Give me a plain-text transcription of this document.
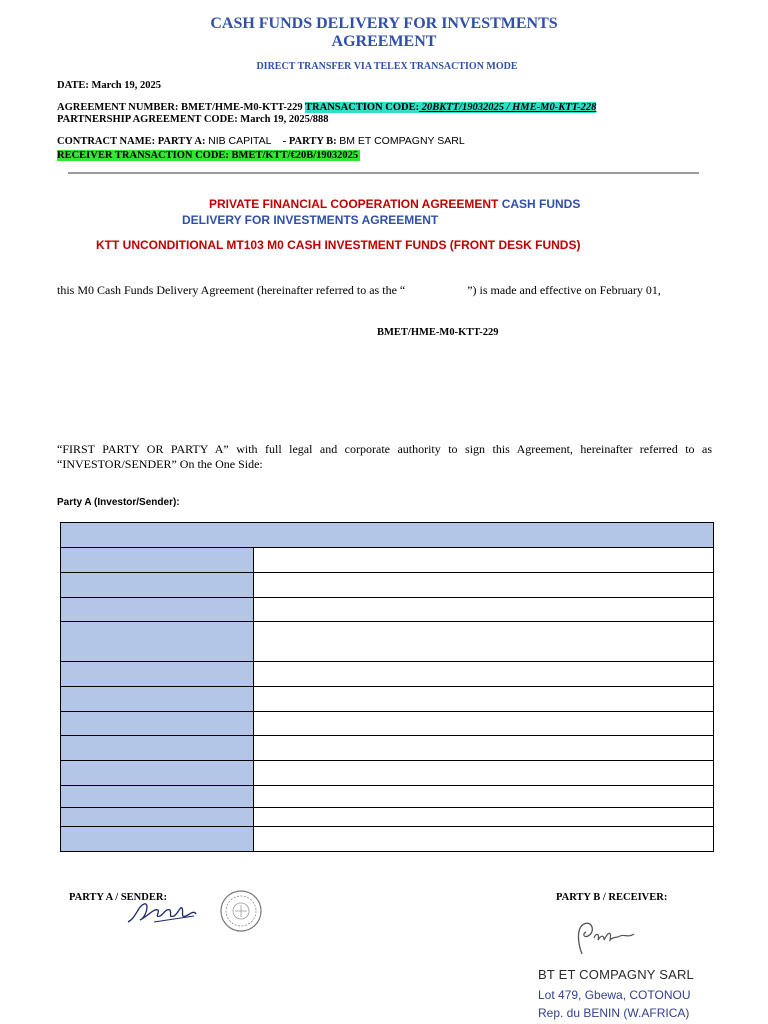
CASH FUNDS DELIVERY FOR INVESTMENTS
AGREEMENT
DIRECT TRANSFER VIA TELEX TRANSACTION MODE
DATE: March 19, 2025
AGREEMENT NUMBER: BMET/HME-M0-KTT-229 TRANSACTION CODE: 20BKTT/19032025 / HME-M0-KTT-228
PARTNERSHIP AGREEMENT CODE: March 19, 2025/888
CONTRACT NAME: PARTY A: NIB CAPITAL - PARTY B: BM ET COMPAGNY SARL
RECEIVER TRANSACTION CODE: BMET/KTT/€20B/19032025
PRIVATE FINANCIAL COOPERATION AGREEMENT CASH FUNDS
DELIVERY FOR INVESTMENTS AGREEMENT
KTT UNCONDITIONAL MT103 M0 CASH INVESTMENT FUNDS (FRONT DESK FUNDS)
this M0 Cash Funds Delivery Agreement (hereinafter referred to as the “	”) is made and effective on February 01,
BMET/HME-M0-KTT-229
“FIRST PARTY OR PARTY A” with full legal and corporate authority to sign this Agreement, hereinafter referred to as
“INVESTOR/SENDER” On the One Side:
Party A (Investor/Sender):

PARTY A / SENDER:	PARTY B / RECEIVER:
BT ET COMPAGNY SARL
Lot 479, Gbewa, COTONOU
Rep. du BENIN (W.AFRICA)
